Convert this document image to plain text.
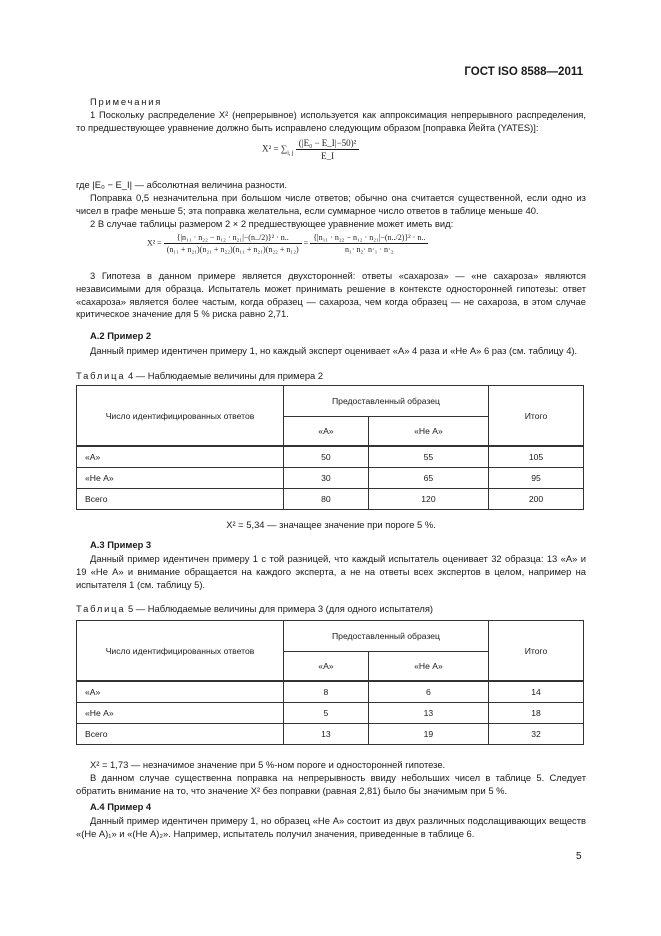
ГОСТ ISO 8588—2011
Примечания
1 Поскольку распределение X² (непрерывное) используется как аппроксимация непрерывного распределения, то предшествующее уравнение должно быть исправлено следующим образом [поправка Йейта (YATES)]:
$X^2 = \sum_{i, j} \frac{\text{(|E₀ − E\_I|−50)²}}{E\_I}$
где |E₀ − E_I| — абсолютная величина разности.
Поправка 0,5 незначительна при большом числе ответов; обычно она считается существенной, если одно из чисел в графе меньше 5; эта поправка желательна, если суммарное число ответов в таблице меньше 40.
2 В случае таблицы размером 2 × 2 предшествующее уравнение может иметь вид:
$X^2 = \frac{\text{\{|n₁₁ · n₂₂ − n₁₂ · n₂₁|−(n../2)\}² · n..}}{\text{(n₁₁ + n₂₁)(n₂₁ + n₂₂)(n₁₁ + n₂₁)(n₂₂ + n₁₂)}} = \frac{\text{\{|n₁₁ · n₂₂ − n₁₂ · n₂₁|−(n../2)\}² · n..}}{\text{n₁· n₂· n·₁ · n·₂}}$
3 Гипотеза в данном примере является двухсторонней: ответы «сахароза» — «не сахароза» являются независимыми для образца. Испытатель может принимать решение в контексте односторонней гипотезы: ответ «сахароза» является более частым, когда образец — сахароза, чем когда образец — не сахароза, в этом случае критическое значение для 5 % риска равно 2,71.
А.2 Пример 2
Данный пример идентичен примеру 1, но каждый эксперт оценивает «А» 4 раза и «Не А» 6 раз (см. таблицу 4).
Таблица 4 — Наблюдаемые величины для примера 2
Число идентифицированных ответов	Предоставленный образец		Итого
	«А»	«Не А»	
«А»	50	55	105
«Не А»	30	65	95
Всего	80	120	200
X² = 5,34 — значащее значение при пороге 5 %.
А.3 Пример 3
Данный пример идентичен примеру 1 с той разницей, что каждый испытатель оценивает 32 образца: 13 «А» и 19 «Не А» и внимание обращается на каждого эксперта, а не на ответы всех экспертов в целом, например на испытателя 1 (см. таблицу 5).
Таблица 5 — Наблюдаемые величины для примера 3 (для одного испытателя)
Число идентифицированных ответов	Предоставленный образец		Итого
	«А»	«Не А»	
«А»	8	6	14
«Не А»	5	13	18
Всего	13	19	32
X² = 1,73 — незначимое значение при 5 %-ном пороге и односторонней гипотезе.
В данном случае существенна поправка на непрерывность ввиду небольших чисел в таблице 5. Следует обратить внимание на то, что значение X² без поправки (равная 2,81) было бы значимым при 5 %.
А.4 Пример 4
Данный пример идентичен примеру 1, но образец «Не А» состоит из двух различных подслащивающих веществ «(Не А)₁» и «(Не А)₂». Например, испытатель получил значения, приведенные в таблице 6.
5
